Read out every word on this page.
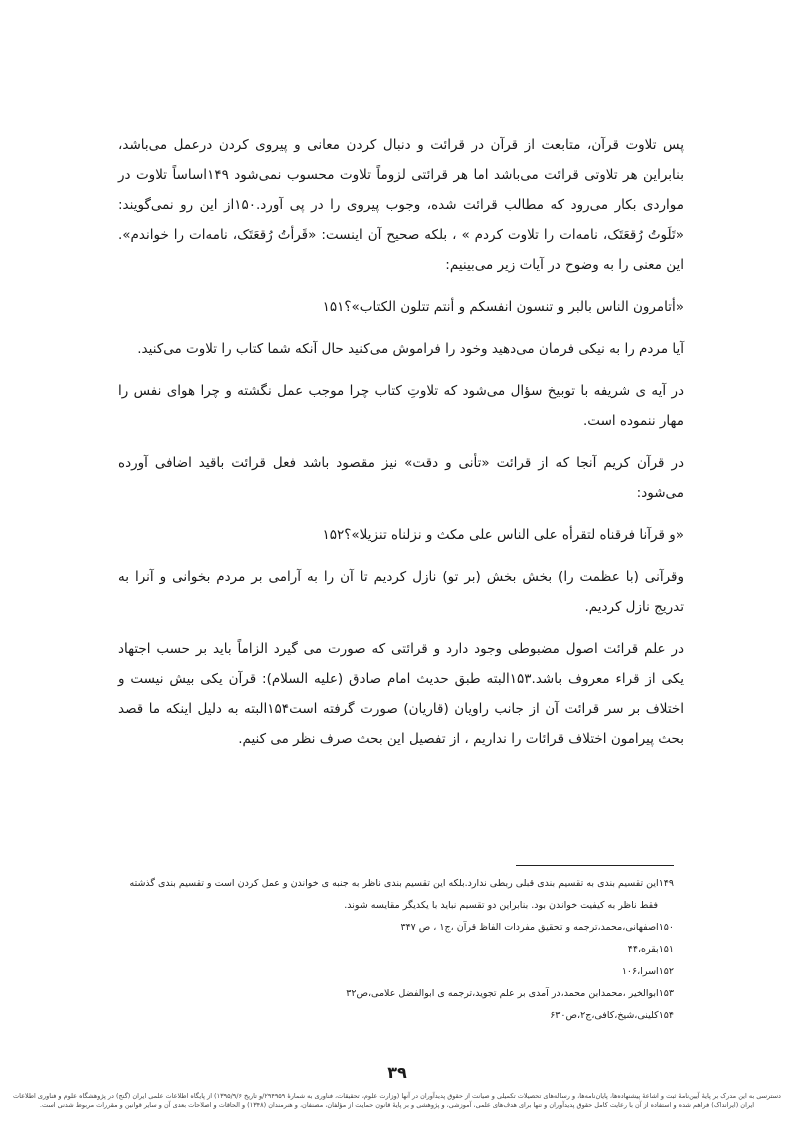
پس تلاوت قرآن، متابعت از قرآن در قرائت و دنبال کردن معانی و پیروی کردن درعمل می‌باشد، بنابراین هر تلاوتی قرائت می‌باشد اما هر قرائتی لزوماً تلاوت محسوب نمی‌شود ۱۴۹اساساً تلاوت در مواردی بکار می‌رود که مطالب قرائت شده، وجوب پیروی را در پی آورد.۱۵۰از این رو نمی‌گویند: «تَلَوتُ رُقعَتَک، نامه‌ات را تلاوت کردم » ، بلکه صحیح آن اینست: «قَرأتُ رُقعَتَک، نامه‌ات را خواندم». این معنی را به وضوح در آیات زیر می‌بینیم:

«أتامرون الناس بالبر و تنسون انفسکم و أنتم تتلون الکتاب»؟۱۵۱

آیا مردم را به نیکی فرمان می‌دهید وخود را فراموش می‌کنید حال آنکه شما کتاب را تلاوت می‌کنید.

در آیه ی شریفه با توبیخ سؤال می‌شود که تلاوتِ کتاب چرا موجب عمل نگشته و چرا هوای نفس را مهار ننموده است.

در قرآن کریم آنجا که از قرائت «تأنی و دقت» نیز مقصود باشد فعل قرائت باقید اضافی آورده می‌شود:

«و قرآنا فرقناه لتقرأه علی الناس علی مکث و نزلناه تنزیلا»؟۱۵۲

وقرآنی (با عظمت را) بخش بخش (بر تو) نازل کردیم تا آن را به آرامی بر مردم بخوانی و آنرا به تدریج نازل کردیم.

در علم قرائت اصول مضبوطی وجود دارد و قرائتی که صورت می گیرد الزاماً باید بر حسب اجتهاد یکی از قراء معروف باشد.۱۵۳البته طبق حدیث امام صادق (علیه السلام): قرآن یکی بیش نیست و اختلاف بر سر قرائت آن از جانب راویان (قاریان) صورت گرفته است۱۵۴البته به دلیل اینکه ما قصد بحث پیرامون اختلاف قرائات را نداریم ، از تفصیل این بحث صرف نظر می کنیم.

۱۴۹این تقسیم بندی به تقسیم بندی قبلی ربطی ندارد.بلکه این تقسیم بندی ناظر به جنبه ی خواندن و عمل کردن است و تقسیم بندی گذشته

فقط ناظر به کیفیت خواندن بود. بنابراین دو تقسیم نباید با یکدیگر مقایسه شوند.

۱۵۰اصفهانی،محمد،ترجمه و تحقیق مفردات الفاظ قرآن ،ج۱ ، ص ۳۴۷

۱۵۱بقره،۴۴

۱۵۲اسرا،۱۰۶

۱۵۳ابوالخیر ،محمدابن محمد،در آمدی بر علم تجوید،ترجمه ی ابوالفضل علامی،ص۳۲

۱۵۴کلینی،شیخ،کافی،ج۲،ص۶۳۰

۳۹
دسترسی به این مدرک بر پایهٔ آیین‌نامهٔ ثبت و اشاعهٔ پیشنهاده‌ها، پایان‌نامه‌ها، و رساله‌های تحصیلات تکمیلی و صیانت از حقوق پدیدآوران در آنها (وزارت علوم، تحقیقات، فناوری به شمارهٔ ۲۹۴۹۵۹/و تاریخ ۱۳۹۵/۹/۶) از پایگاه اطلاعات علمی ایران (گنج) در پژوهشگاه علوم و فناوری اطلاعات ایران (ایرانداک) فراهم شده و استفاده از آن با رعایت کامل حقوق پدیدآوران و تنها برای هدف‌های علمی، آموزشی، و پژوهشی و بر پایهٔ قانون حمایت از مؤلفان، مصنفان، و هنرمندان (۱۳۴۸) و الحاقات و اصلاحات بعدی آن و سایر قوانین و مقررات مربوط شدنی است.
